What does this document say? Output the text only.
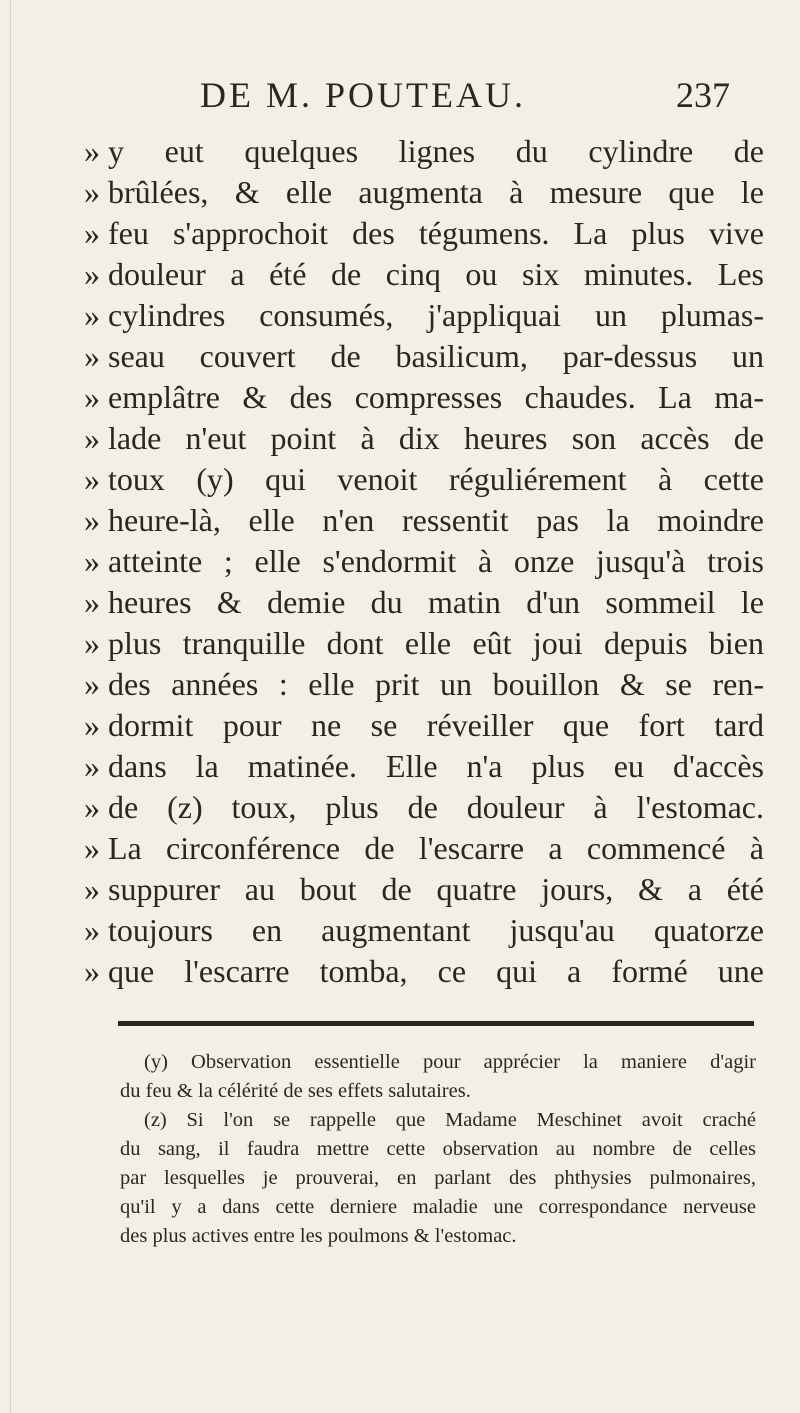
DE M. POUTEAU.	237
» y eut quelques lignes du cylindre de
» brûlées, & elle augmenta à mesure que le
» feu s'approchoit des tégumens. La plus vive
» douleur a été de cinq ou six minutes. Les
» cylindres consumés, j'appliquai un plumas-
» seau couvert de basilicum, par-dessus un
» emplâtre & des compresses chaudes. La ma-
» lade n'eut point à dix heures son accès de
» toux (y) qui venoit réguliérement à cette
» heure-là, elle n'en ressentit pas la moindre
» atteinte ; elle s'endormit à onze jusqu'à trois
» heures & demie du matin d'un sommeil le
» plus tranquille dont elle eût joui depuis bien
» des années : elle prit un bouillon & se ren-
» dormit pour ne se réveiller que fort tard
» dans la matinée. Elle n'a plus eu d'accès
» de (z) toux, plus de douleur à l'estomac.
» La circonférence de l'escarre a commencé à
» suppurer au bout de quatre jours, & a été
» toujours en augmentant jusqu'au quatorze
» que l'escarre tomba, ce qui a formé une
(y) Observation essentielle pour apprécier la maniere d'agir
du feu & la célérité de ses effets salutaires.
(z) Si l'on se rappelle que Madame Meschinet avoit craché
du sang, il faudra mettre cette observation au nombre de celles
par lesquelles je prouverai, en parlant des phthysies pulmonaires,
qu'il y a dans cette derniere maladie une correspondance nerveuse
des plus actives entre les poulmons & l'estomac.
